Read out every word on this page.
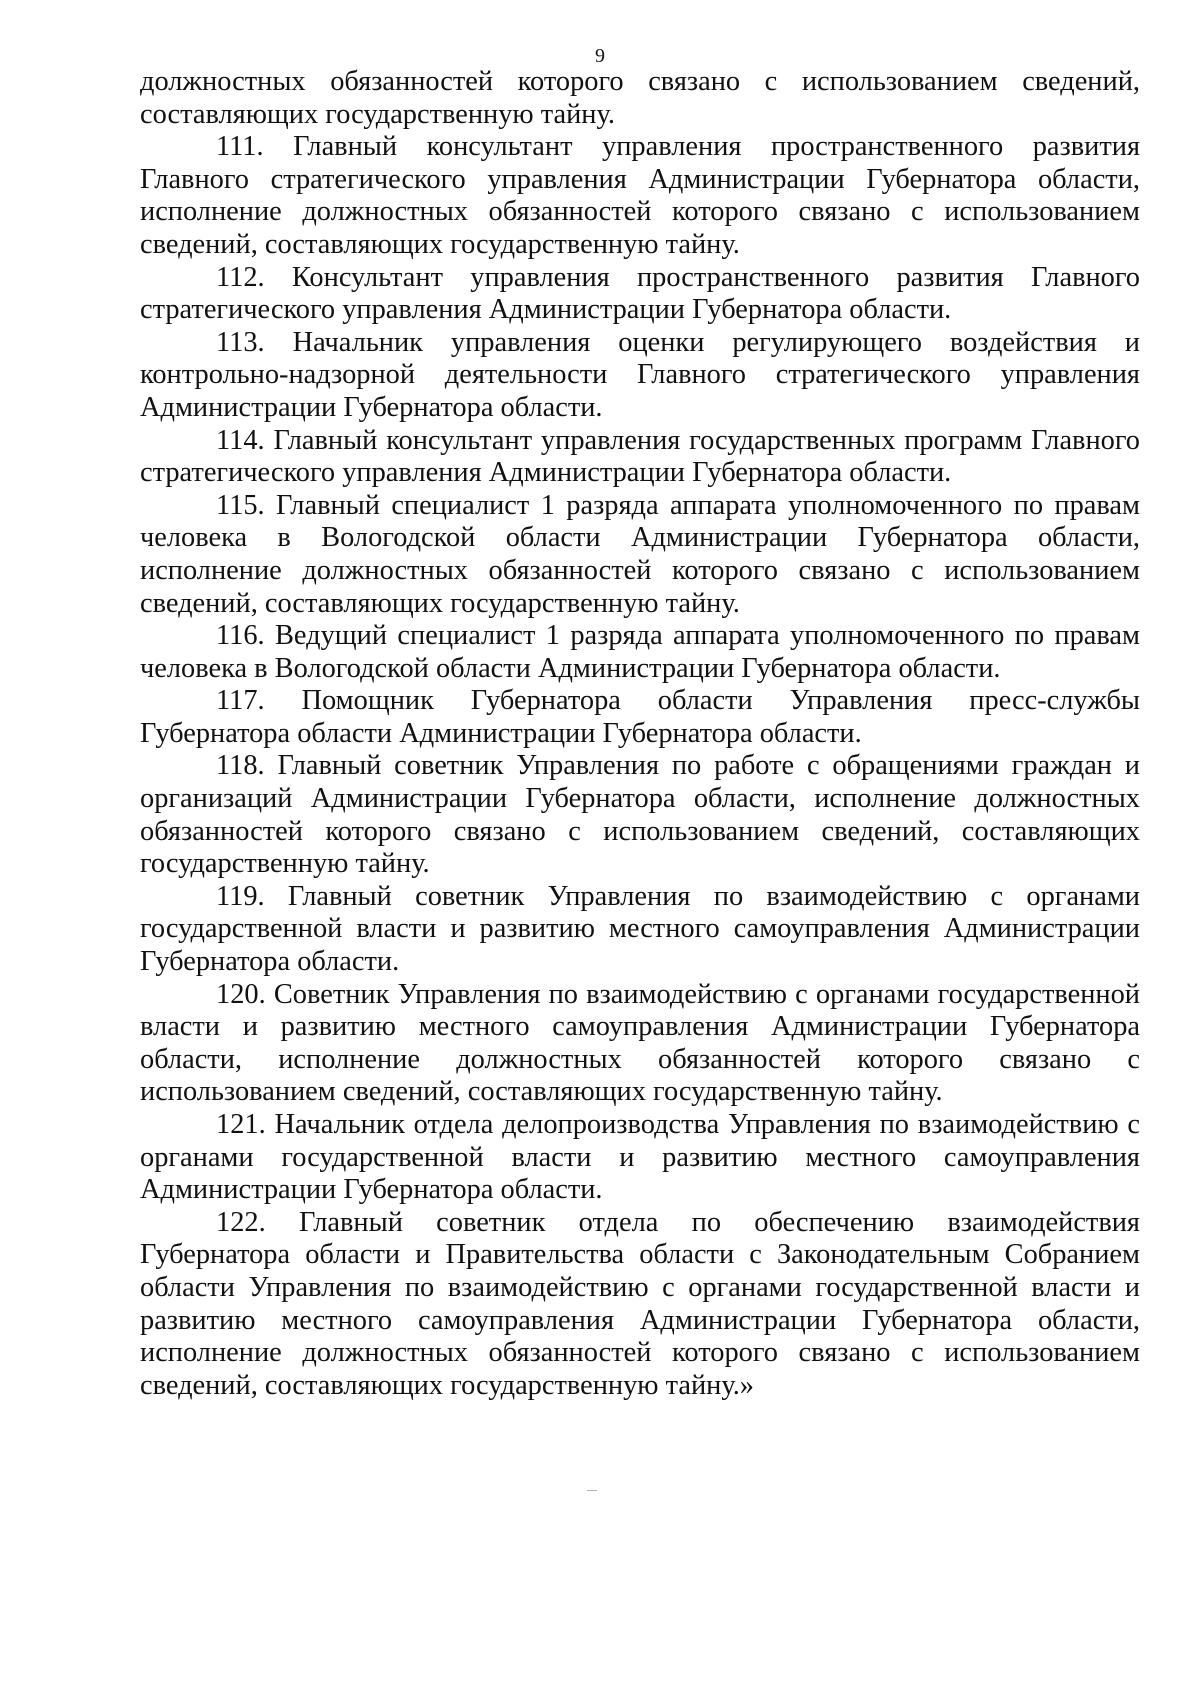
9

должностных обязанностей которого связано с использованием сведений, составляющих государственную тайну.

111. Главный консультант управления пространственного развития Главного стратегического управления Администрации Губернатора области, исполнение должностных обязанностей которого связано с использованием сведений, составляющих государственную тайну.

112. Консультант управления пространственного развития Главного стратегического управления Администрации Губернатора области.

113. Начальник управления оценки регулирующего воздействия и контрольно-надзорной деятельности Главного стратегического управления Администрации Губернатора области.

114. Главный консультант управления государственных программ Главного стратегического управления Администрации Губернатора области.

115. Главный специалист 1 разряда аппарата уполномоченного по правам человека в Вологодской области Администрации Губернатора области, исполнение должностных обязанностей которого связано с использованием сведений, составляющих государственную тайну.

116. Ведущий специалист 1 разряда аппарата уполномоченного по правам человека в Вологодской области Администрации Губернатора области.

117. Помощник Губернатора области Управления пресс-службы Губернатора области Администрации Губернатора области.

118. Главный советник Управления по работе с обращениями граждан и организаций Администрации Губернатора области, исполнение должностных обязанностей которого связано с использованием сведений, составляющих государственную тайну.

119. Главный советник Управления по взаимодействию с органами государственной власти и развитию местного самоуправления Администрации Губернатора области.

120. Советник Управления по взаимодействию с органами государственной власти и развитию местного самоуправления Администрации Губернатора области, исполнение должностных обязанностей которого связано с использованием сведений, составляющих государственную тайну.

121. Начальник отдела делопроизводства Управления по взаимодействию с органами государственной власти и развитию местного самоуправления Администрации Губернатора области.

122. Главный советник отдела по обеспечению взаимодействия Губернатора области и Правительства области с Законодательным Собранием области Управления по взаимодействию с органами государственной власти и развитию местного самоуправления Администрации Губернатора области, исполнение должностных обязанностей которого связано с использованием сведений, составляющих государственную тайну.»
